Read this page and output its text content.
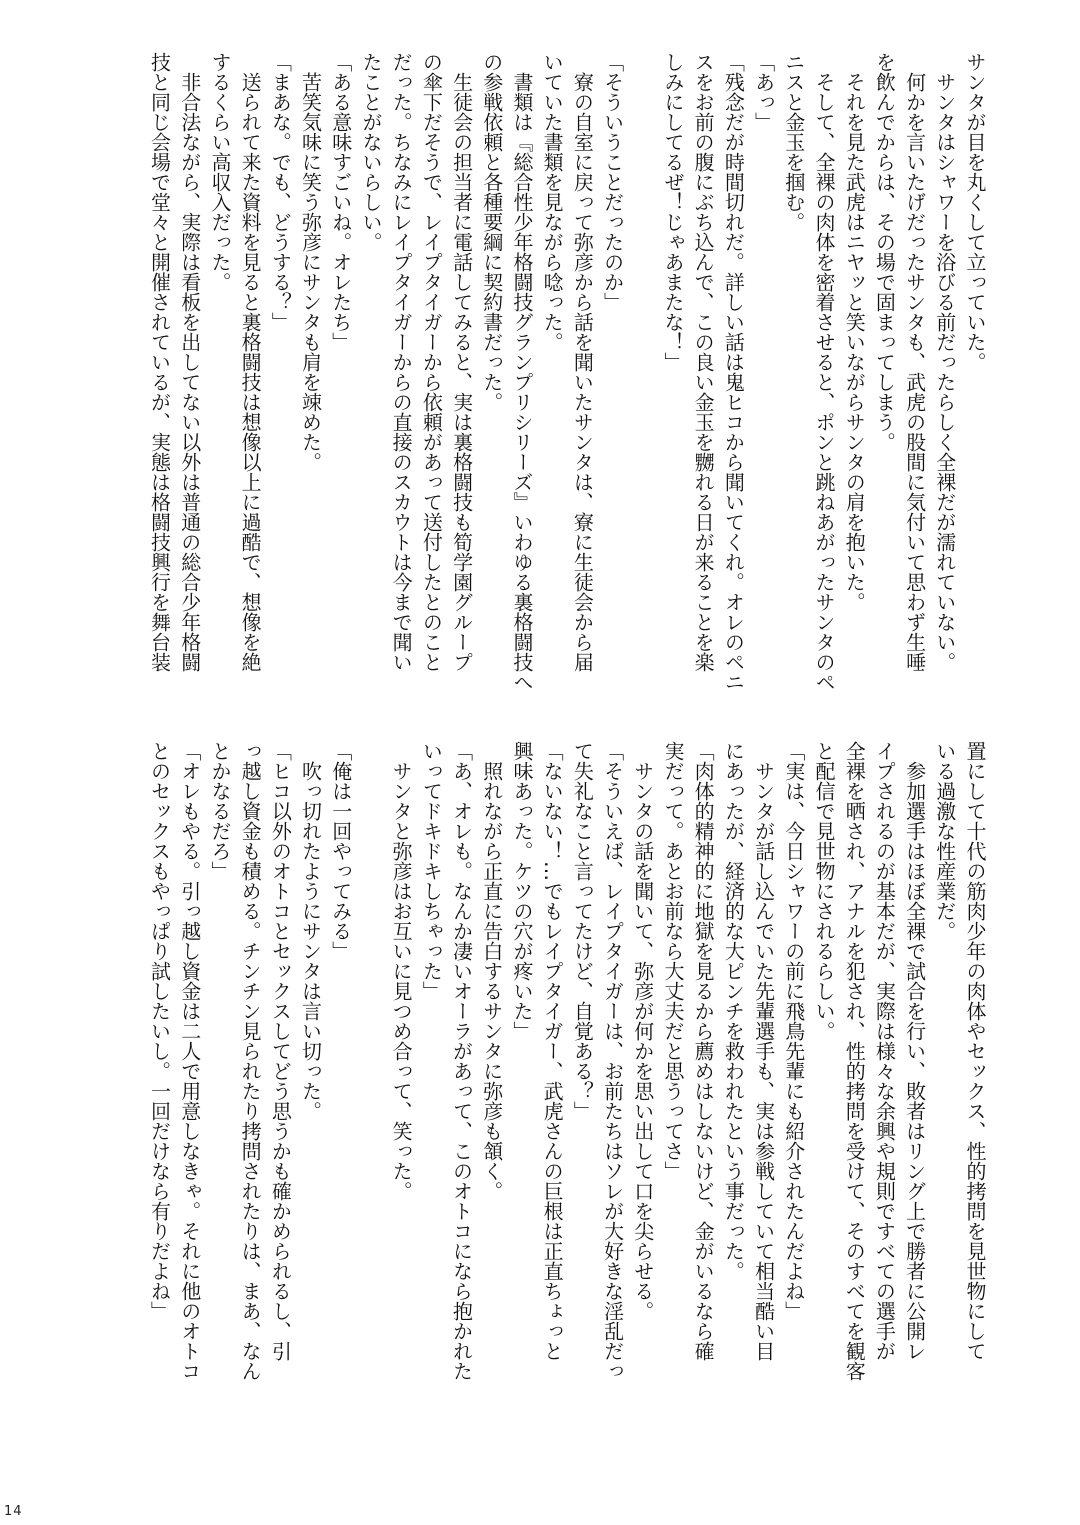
サンタが目を丸くして立っていた。
　サンタはシャワーを浴びる前だったらしく全裸だが濡れていない。
　何かを言いたげだったサンタも、武虎の股間に気付いて思わず生唾
を飲んでからは、その場で固まってしまう。
　それを見た武虎はニヤッと笑いながらサンタの肩を抱いた。
　そして、全裸の肉体を密着させると、ポンと跳ねあがったサンタのペ
ニスと金玉を掴む。
「あっ」
「残念だが時間切れだ。詳しい話は鬼ヒコから聞いてくれ。オレのペニ
スをお前の腹にぶち込んで、この良い金玉を嬲れる日が来ることを楽
しみにしてるぜ！じゃあまたな！」
「そういうことだったのか」
　寮の自室に戻って弥彦から話を聞いたサンタは、寮に生徒会から届
いていた書類を見ながら唸った。
　書類は『総合性少年格闘技グランプリシリーズ』いわゆる裏格闘技へ
の参戦依頼と各種要綱に契約書だった。
　生徒会の担当者に電話してみると、実は裏格闘技も筍学園グループ
の傘下だそうで、レイプタイガーから依頼があって送付したとのこと
だった。ちなみにレイプタイガーからの直接のスカウトは今まで聞い
たことがないらしい。
「ある意味すごいね。オレたち」
　苦笑気味に笑う弥彦にサンタも肩を竦めた。
「まあな。でも、どうする？」
　送られて来た資料を見ると裏格闘技は想像以上に過酷で、想像を絶
するくらい高収入だった。
　非合法ながら、実際は看板を出してない以外は普通の総合少年格闘
技と同じ会場で堂々と開催されているが、実態は格闘技興行を舞台装
置にして十代の筋肉少年の肉体やセックス、性的拷問を見世物にして
いる過激な性産業だ。
　参加選手はほぼ全裸で試合を行い、敗者はリング上で勝者に公開レ
イプされるのが基本だが、実際は様々な余興や規則ですべての選手が
全裸を晒され、アナルを犯され、性的拷問を受けて、そのすべてを観客
と配信で見世物にされるらしい。
「実は、今日シャワーの前に飛鳥先輩にも紹介されたんだよね」
　サンタが話し込んでいた先輩選手も、実は参戦していて相当酷い目
にあったが、経済的な大ピンチを救われたという事だった。
「肉体的精神的に地獄を見るから薦めはしないけど、金がいるなら確
実だって。あとお前なら大丈夫だと思うってさ」
　サンタの話を聞いて、弥彦が何かを思い出して口を尖らせる。
「そういえば、レイプタイガーは、お前たちはソレが大好きな淫乱だっ
て失礼なこと言ってたけど、自覚ある？」
「ないない！…でもレイプタイガー、武虎さんの巨根は正直ちょっと
興味あった。ケツの穴が疼いた」
　照れながら正直に告白するサンタに弥彦も頷く。
「あ、オレも。なんか凄いオーラがあって、このオトコになら抱かれた
いってドキドキしちゃった」
　サンタと弥彦はお互いに見つめ合って、笑った。
「俺は一回やってみる」
　吹っ切れたようにサンタは言い切った。
「ヒコ以外のオトコとセックスしてどう思うかも確かめられるし、引
っ越し資金も積める。チンチン見られたり拷問されたりは、まあ、なん
とかなるだろ」
「オレもやる。引っ越し資金は二人で用意しなきゃ。それに他のオトコ
とのセックスもやっぱり試したいし。一回だけなら有りだよね」
14
